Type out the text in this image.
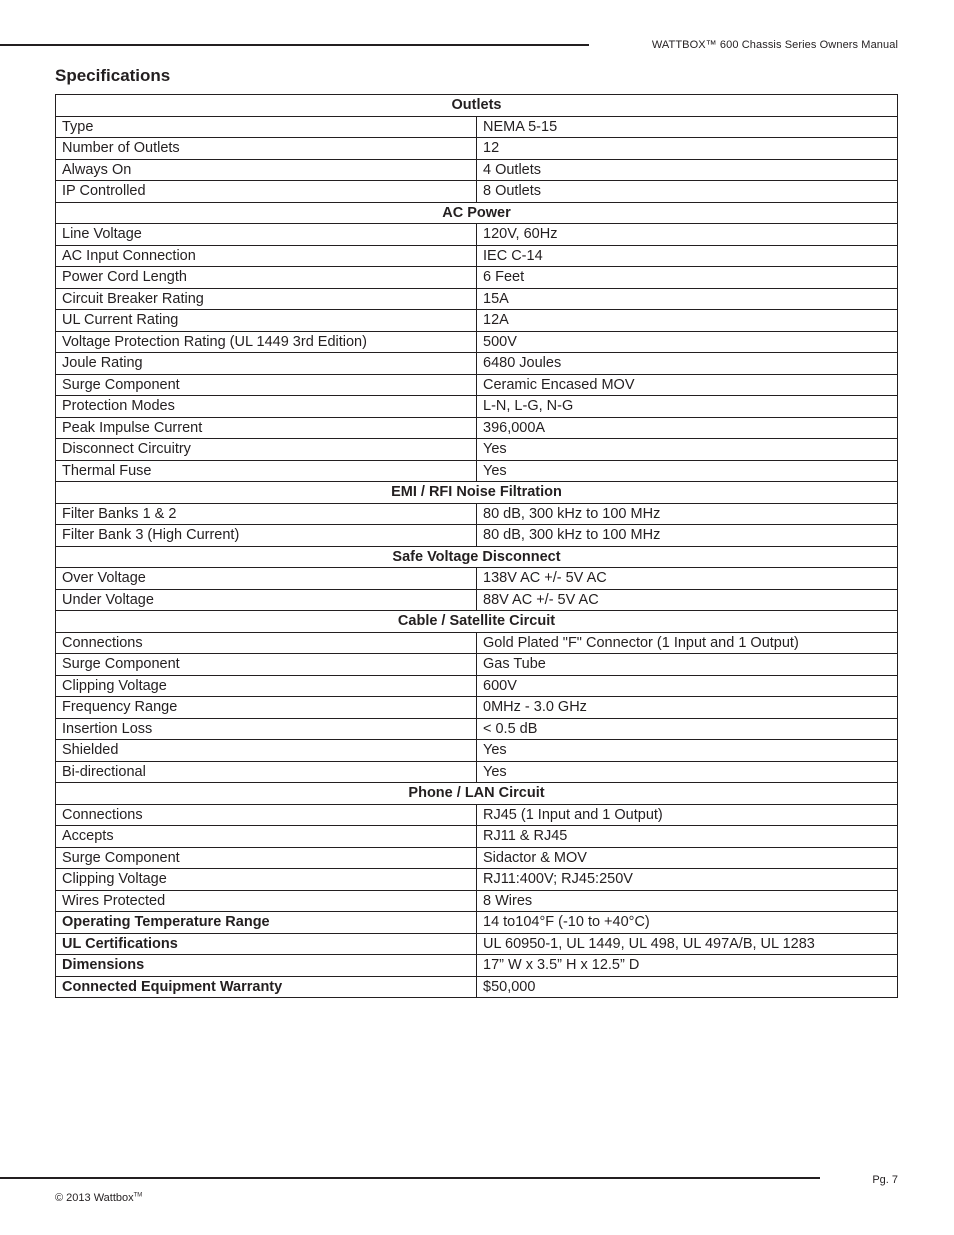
WATTBOX™ 600 Chassis Series Owners Manual
Specifications
Outlets	
Type	NEMA 5-15
Number of Outlets	12
Always On	4 Outlets
IP Controlled	8 Outlets
AC Power	
Line Voltage	120V, 60Hz
AC Input Connection	IEC C-14
Power Cord Length	6 Feet
Circuit Breaker Rating	15A
UL Current Rating	12A
Voltage Protection Rating (UL 1449 3rd Edition)	500V
Joule Rating	6480 Joules
Surge Component	Ceramic Encased MOV
Protection Modes	L-N, L-G, N-G
Peak Impulse Current	396,000A
Disconnect Circuitry	Yes
Thermal Fuse	Yes
EMI / RFI Noise Filtration	
Filter Banks 1 & 2	80 dB, 300 kHz to 100 MHz
Filter Bank 3 (High Current)	80 dB, 300 kHz to 100 MHz
Safe Voltage Disconnect	
Over Voltage	138V AC +/- 5V AC
Under Voltage	88V AC +/- 5V AC
Cable / Satellite Circuit	
Connections	Gold Plated "F" Connector (1 Input and 1 Output)
Surge Component	Gas Tube
Clipping Voltage	600V
Frequency Range	0MHz - 3.0 GHz
Insertion Loss	< 0.5 dB
Shielded	Yes
Bi-directional	Yes
Phone / LAN Circuit	
Connections	RJ45 (1 Input and 1 Output)
Accepts	RJ11 & RJ45
Surge Component	Sidactor & MOV
Clipping Voltage	RJ11:400V; RJ45:250V
Wires Protected	8 Wires
Operating Temperature Range	14 to104°F (-10 to +40°C)
UL Certifications	UL 60950-1, UL 1449, UL 498, UL 497A/B, UL 1283
Dimensions	17” W x 3.5” H x 12.5” D
Connected Equipment Warranty	$50,000
Pg. 7
© 2013 Wattbox™
